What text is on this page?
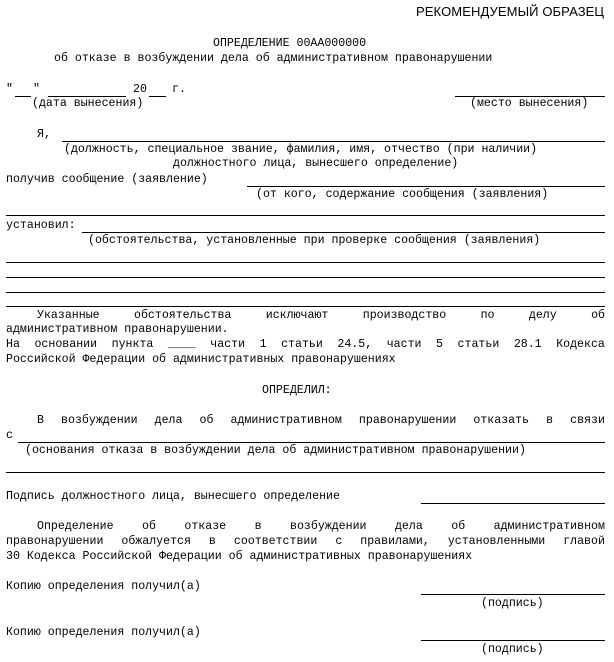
РЕКОМЕНДУЕМЫЙ ОБРАЗЕЦ
ОПРЕДЕЛЕНИЕ 00АА000000
об отказе в возбуждении дела об административном правонарушении
" "	20 г.
(дата вынесения)	(место вынесения)
Я,
(должность, специальное звание, фамилия, имя, отчество (при наличии)
должностного лица, вынесшего определение)
получив сообщение (заявление)
(от кого, содержание сообщения (заявления)
установил:
(обстоятельства, установленные при проверке сообщения (заявления)
Указанные	обстоятельства	исключают	производство	по	делу	об
административном правонарушении.
На основании пункта ____ части 1 статьи 24.5, части 5 статьи 28.1 Кодекса
Российской Федерации об административных правонарушениях
ОПРЕДЕЛИЛ:
В возбуждении дела об административном правонарушении отказать в связи
с
(основания отказа в возбуждении дела об административном правонарушении)
Подпись должностного лица, вынесшего определение
Определение об отказе в возбуждении дела об административном
правонарушении обжалуется в соответствии с правилами, установленными главой
30 Кодекса Российской Федерации об административных правонарушениях
Копию определения получил(а)
(подпись)
Копию определения получил(а)
(подпись)
